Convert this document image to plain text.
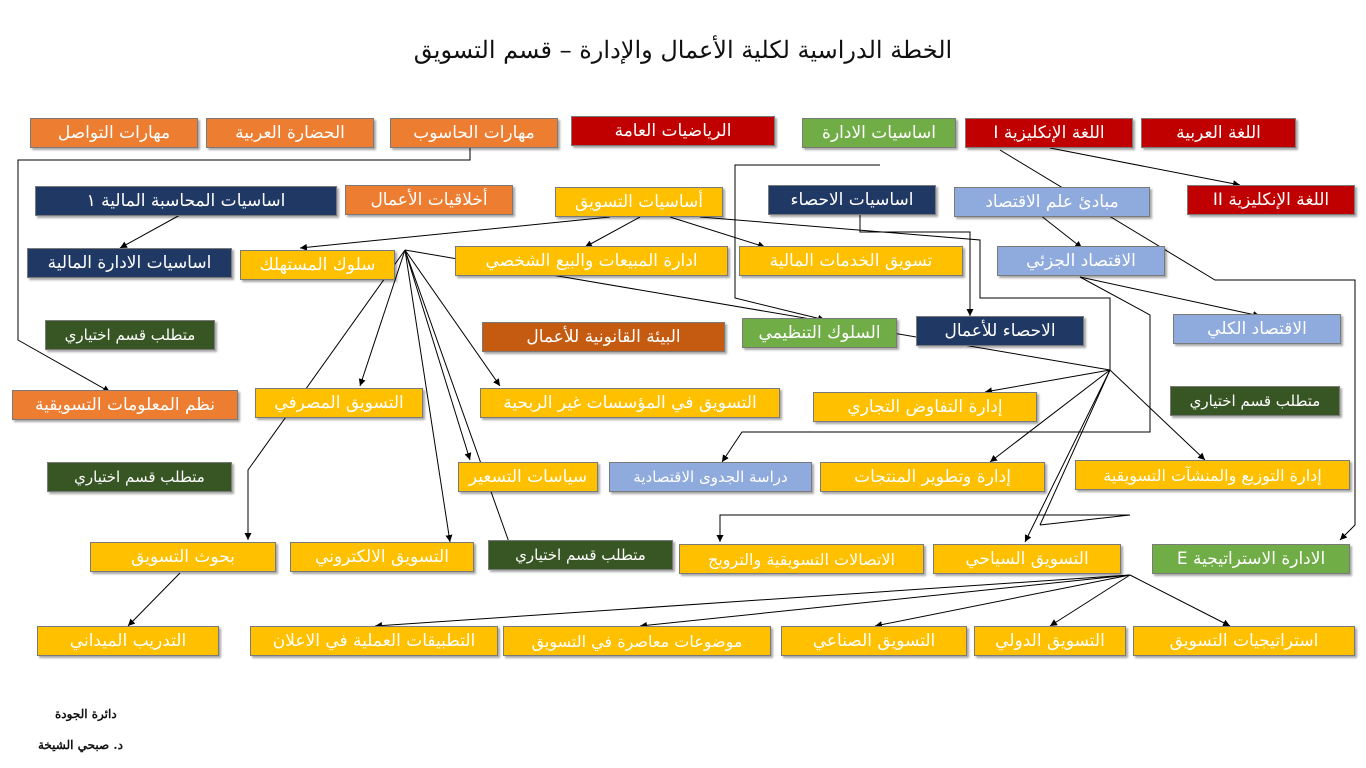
الخطة الدراسية لكلية الأعمال والإدارة – قسم التسويق
مهارات التواصل	الحضارة العربية	مهارات الحاسوب	الرياضيات العامة	اساسيات الادارة	اللغة الإنكليزية I	اللغة العربية
اللغة الإنكليزية II
اساسيات المحاسبة المالية ١	أخلاقيات الأعمال	أساسيات التسويق	اساسيات الاحصاء	مبادئ علم الاقتصاد
اساسيات الادارة المالية	سلوك المستهلك	ادارة المبيعات والبيع الشخصي	تسويق الخدمات المالية	الاقتصاد الجزئي
متطلب قسم اختياري	البيئة القانونية للأعمال	السلوك التنظيمي	الاحصاء للأعمال	الاقتصاد الكلي
نظم المعلومات التسويقية	التسويق المصرفي	التسويق في المؤسسات غير الربحية	إدارة التفاوض التجاري	متطلب قسم اختياري
متطلب قسم اختياري	سياسات التسعير	دراسة الجدوى الاقتصادية	إدارة وتطوير المنتجات	إدارة التوزيع والمنشآت التسويقية
بحوث التسويق	التسويق الالكتروني	متطلب قسم اختياري	الاتصالات التسويقية والترويج	التسويق السياحي	الادارة الاستراتيجية E
التدريب الميداني	التطبيقات العملية في الاعلان	موضوعات معاصرة في التسويق	التسويق الصناعي	التسويق الدولي	استراتيجيات التسويق
دائرة الجودة
د. صبحي الشيخة
